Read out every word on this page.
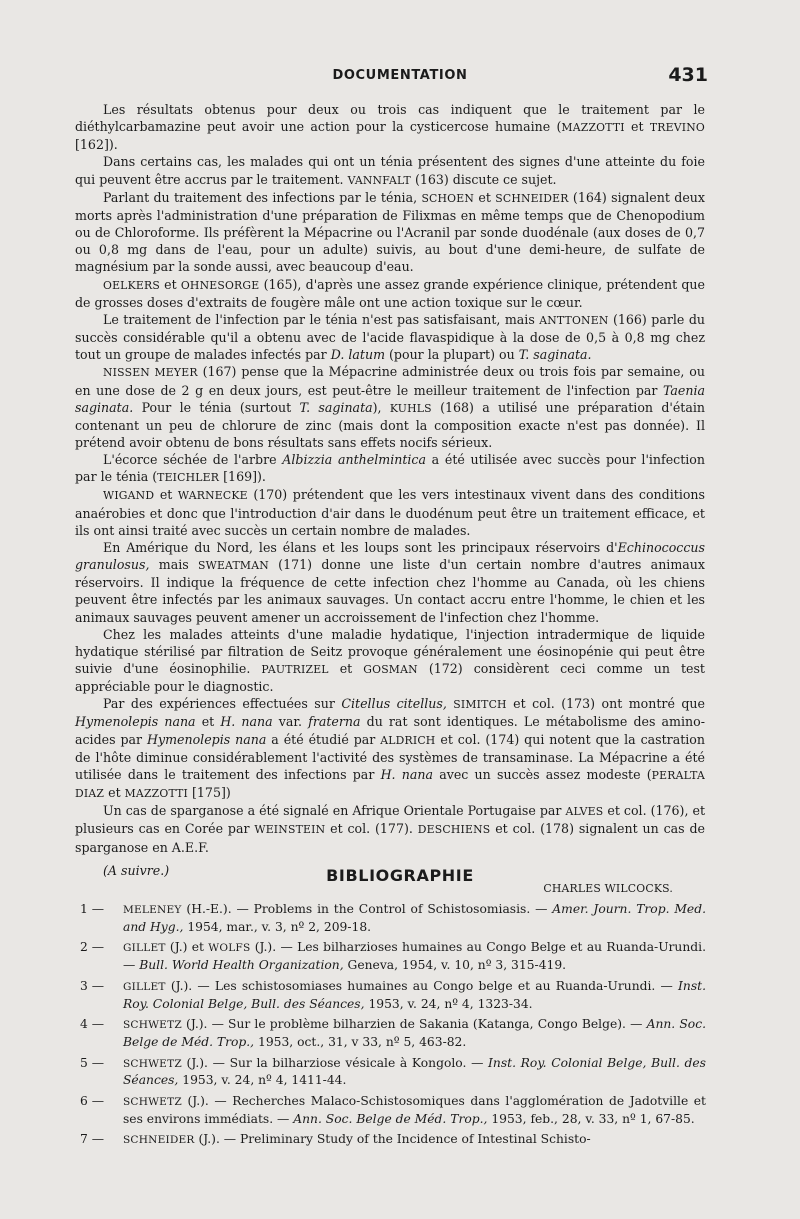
DOCUMENTATION	431

Les résultats obtenus pour deux ou trois cas indiquent que le traitement par le diéthylcarbamazine peut avoir une action pour la cysticercose humaine (MAZZOTTI et TREVINO [162]).

Dans certains cas, les malades qui ont un ténia présentent des signes d'une atteinte du foie qui peuvent être accrus par le traitement. VANNFALT (163) discute ce sujet.

Parlant du traitement des infections par le ténia, SCHOEN et SCHNEIDER (164) signalent deux morts après l'administration d'une préparation de Filixmas en même temps que de Chenopodium ou de Chloroforme. Ils préfèrent la Mépacrine ou l'Acranil par sonde duodénale (aux doses de 0,7 ou 0,8 mg dans de l'eau, pour un adulte) suivis, au bout d'une demi-heure, de sulfate de magnésium par la sonde aussi, avec beaucoup d'eau.

OELKERS et OHNESORGE (165), d'après une assez grande expérience clinique, prétendent que de grosses doses d'extraits de fougère mâle ont une action toxique sur le cœur.

Le traitement de l'infection par le ténia n'est pas satisfaisant, mais ANTTONEN (166) parle du succès considérable qu'il a obtenu avec de l'acide flavaspidique à la dose de 0,5 à 0,8 mg chez tout un groupe de malades infectés par D. latum (pour la plupart) ou T. saginata.

NISSEN MEYER (167) pense que la Mépacrine administrée deux ou trois fois par semaine, ou en une dose de 2 g en deux jours, est peut-être le meilleur traitement de l'infection par Taenia saginata. Pour le ténia (surtout T. saginata), KUHLS (168) a utilisé une préparation d'étain contenant un peu de chlorure de zinc (mais dont la composition exacte n'est pas donnée). Il prétend avoir obtenu de bons résultats sans effets nocifs sérieux.

L'écorce séchée de l'arbre Albizzia anthelmintica a été utilisée avec succès pour l'infection par le ténia (TEICHLER [169]).

WIGAND et WARNECKE (170) prétendent que les vers intestinaux vivent dans des conditions anaérobies et donc que l'introduction d'air dans le duodénum peut être un traitement efficace, et ils ont ainsi traité avec succès un certain nombre de malades.

En Amérique du Nord, les élans et les loups sont les principaux réservoirs d'Echinococcus granulosus, mais SWEATMAN (171) donne une liste d'un certain nombre d'autres animaux réservoirs. Il indique la fréquence de cette infection chez l'homme au Canada, où les chiens peuvent être infectés par les animaux sauvages. Un contact accru entre l'homme, le chien et les animaux sauvages peuvent amener un accroissement de l'infection chez l'homme.

Chez les malades atteints d'une maladie hydatique, l'injection intradermique de liquide hydatique stérilisé par filtration de Seitz provoque généralement une éosinopénie qui peut être suivie d'une éosinophilie. PAUTRIZEL et GOSMAN (172) considèrent ceci comme un test appréciable pour le diagnostic.

Par des expériences effectuées sur Citellus citellus, SIMITCH et col. (173) ont montré que Hymenolepis nana et H. nana var. fraterna du rat sont identiques. Le métabolisme des amino-acides par Hymenolepis nana a été étudié par ALDRICH et col. (174) qui notent que la castration de l'hôte diminue considérablement l'activité des systèmes de transaminase. La Mépacrine a été utilisée dans le traitement des infections par H. nana avec un succès assez modeste (PERALTA DIAZ et MAZZOTTI [175])

Un cas de sparganose a été signalé en Afrique Orientale Portugaise par ALVES et col. (176), et plusieurs cas en Corée par WEINSTEIN et col. (177). DESCHIENS et col. (178) signalent un cas de sparganose en A.E.F.

(A suivre.)
CHARLES WILCOCKS.
BIBLIOGRAPHIE
1 —	MELENEY (H.-E.). — Problems in the Control of Schistosomiasis. — Amer. Journ. Trop. Med. and Hyg., 1954, mar., v. 3, nº 2, 209-18.
2 —	GILLET (J.) et WOLFS (J.). — Les bilharzioses humaines au Congo Belge et au Ruanda-Urundi. — Bull. World Health Organization, Geneva, 1954, v. 10, nº 3, 315-419.
3 —	GILLET (J.). — Les schistosomiases humaines au Congo belge et au Ruanda-Urundi. — Inst. Roy. Colonial Belge, Bull. des Séances, 1953, v. 24, nº 4, 1323-34.
4 —	SCHWETZ (J.). — Sur le problème bilharzien de Sakania (Katanga, Congo Belge). — Ann. Soc. Belge de Méd. Trop., 1953, oct., 31, v 33, nº 5, 463-82.
5 —	SCHWETZ (J.). — Sur la bilharziose vésicale à Kongolo. — Inst. Roy. Colonial Belge, Bull. des Séances, 1953, v. 24, nº 4, 1411-44.
6 —	SCHWETZ (J.). — Recherches Malaco-Schistosomiques dans l'agglomération de Jadotville et ses environs immédiats. — Ann. Soc. Belge de Méd. Trop., 1953, feb., 28, v. 33, nº 1, 67-85.
7 —	SCHNEIDER (J.). — Preliminary Study of the Incidence of Intestinal Schisto-
